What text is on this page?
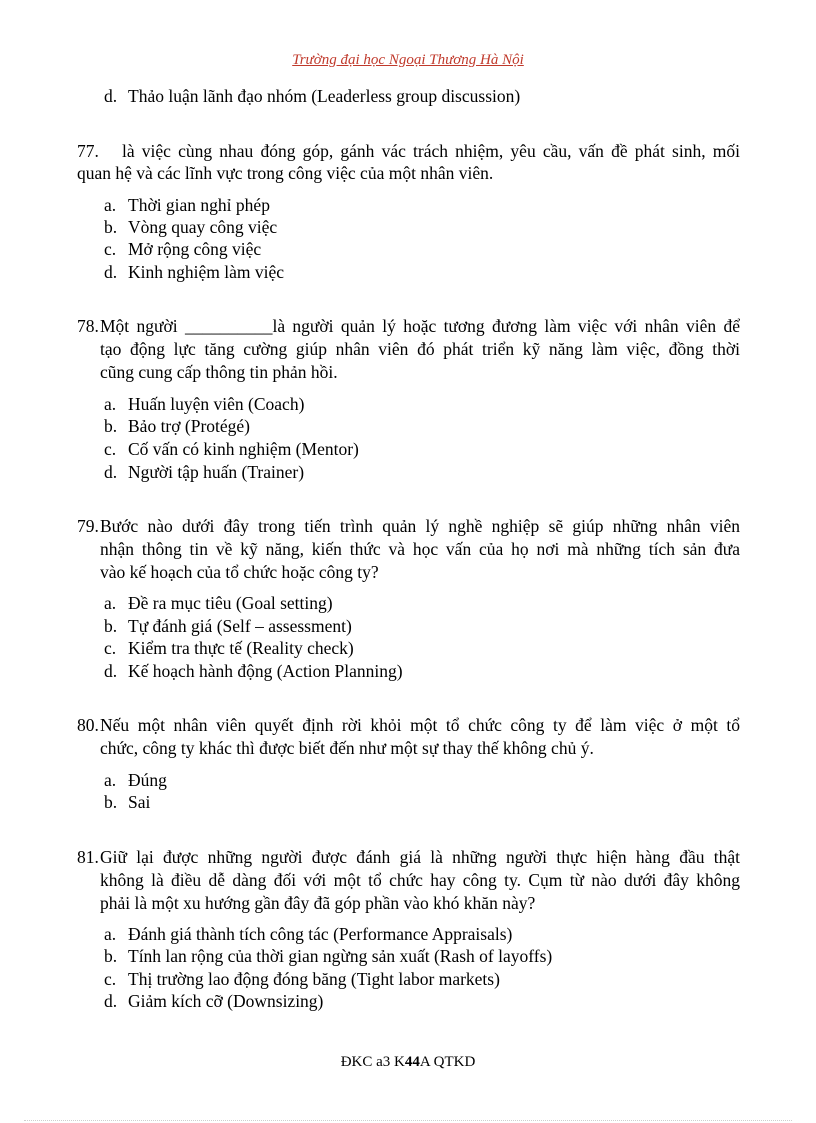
Trường đại học Ngoại Thương Hà Nội
d. Thảo luận lãnh đạo nhóm (Leaderless group discussion)
77. là việc cùng nhau đóng góp, gánh vác trách nhiệm, yêu cầu, vấn đề phát sinh, mối
quan hệ và các lĩnh vực trong công việc của một nhân viên.
a. Thời gian nghỉ phép
b. Vòng quay công việc
c. Mở rộng công việc
d. Kinh nghiệm làm việc
78. Một người __________là người quản lý hoặc tương đương làm việc với nhân viên để
tạo động lực tăng cường giúp nhân viên đó phát triển kỹ năng làm việc, đồng thời
cũng cung cấp thông tin phản hồi.
a. Huấn luyện viên (Coach)
b. Bảo trợ (Protégé)
c. Cố vấn có kinh nghiệm (Mentor)
d. Người tập huấn (Trainer)
79. Bước nào dưới đây trong tiến trình quản lý nghề nghiệp sẽ giúp những nhân viên
nhận thông tin về kỹ năng, kiến thức và học vấn của họ nơi mà những tích sản đưa
vào kế hoạch của tổ chức hoặc công ty?
a. Đề ra mục tiêu (Goal setting)
b. Tự đánh giá (Self – assessment)
c. Kiểm tra thực tế (Reality check)
d. Kế hoạch hành động (Action Planning)
80. Nếu một nhân viên quyết định rời khỏi một tổ chức công ty để làm việc ở một tổ
chức, công ty khác thì được biết đến như một sự thay thế không chủ ý.
a. Đúng
b. Sai
81. Giữ lại được những người được đánh giá là những người thực hiện hàng đầu thật
không là điều dễ dàng đối với một tổ chức hay công ty. Cụm từ nào dưới đây không
phải là một xu hướng gần đây đã góp phần vào khó khăn này?
a. Đánh giá thành tích công tác (Performance Appraisals)
b. Tính lan rộng của thời gian ngừng sản xuất (Rash of layoffs)
c. Thị trường lao động đóng băng (Tight labor markets)
d. Giảm kích cỡ (Downsizing)
ĐKC a3 K44A QTKD
